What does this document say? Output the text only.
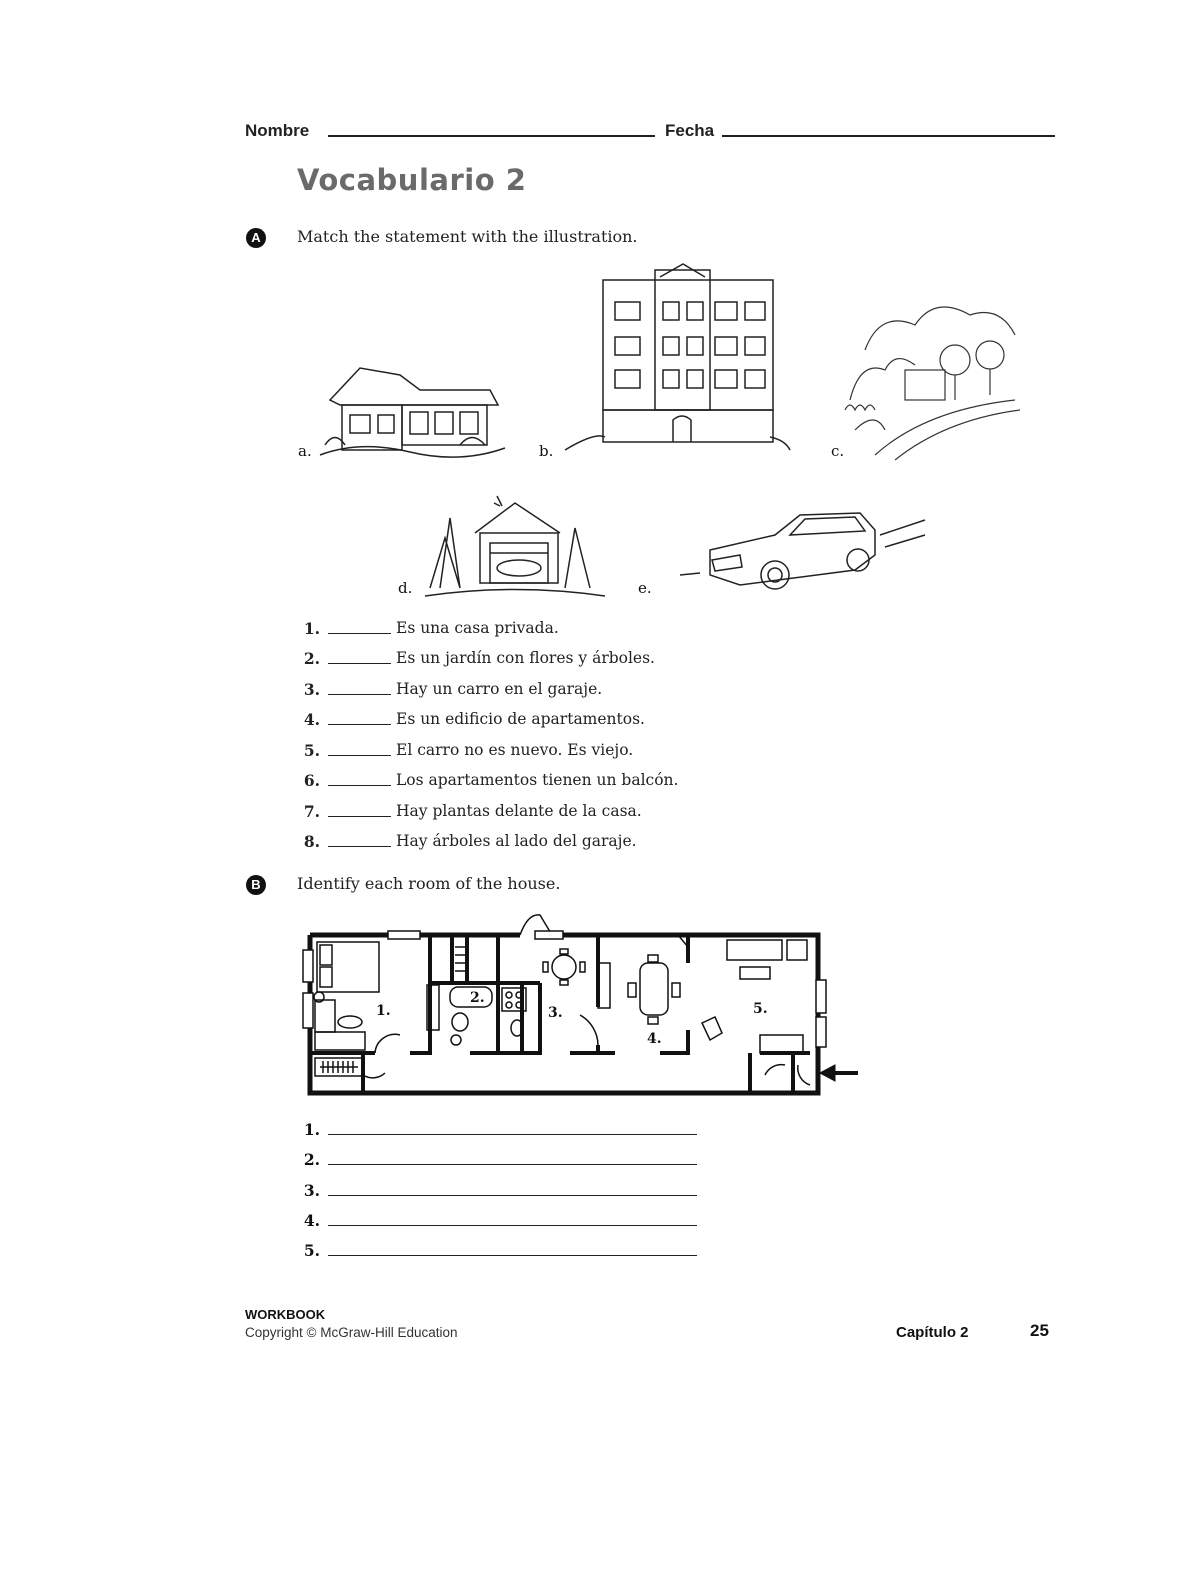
Nombre	Fecha
Vocabulario 2
A	Match the statement with the illustration.
a.	b.	c.
d.	e.
1.	Es una casa privada.
2.	Es un jardín con flores y árboles.
3.	Hay un carro en el garaje.
4.	Es un edificio de apartamentos.
5.	El carro no es nuevo. Es viejo.
6.	Los apartamentos tienen un balcón.
7.	Hay plantas delante de la casa.
8.	Hay árboles al lado del garaje.
B	Identify each room of the house.
1.
2.
3.
4.
5.
1.
2.
3.
4.
5.
WORKBOOK
Copyright © McGraw-Hill Education	Capítulo 2	25
